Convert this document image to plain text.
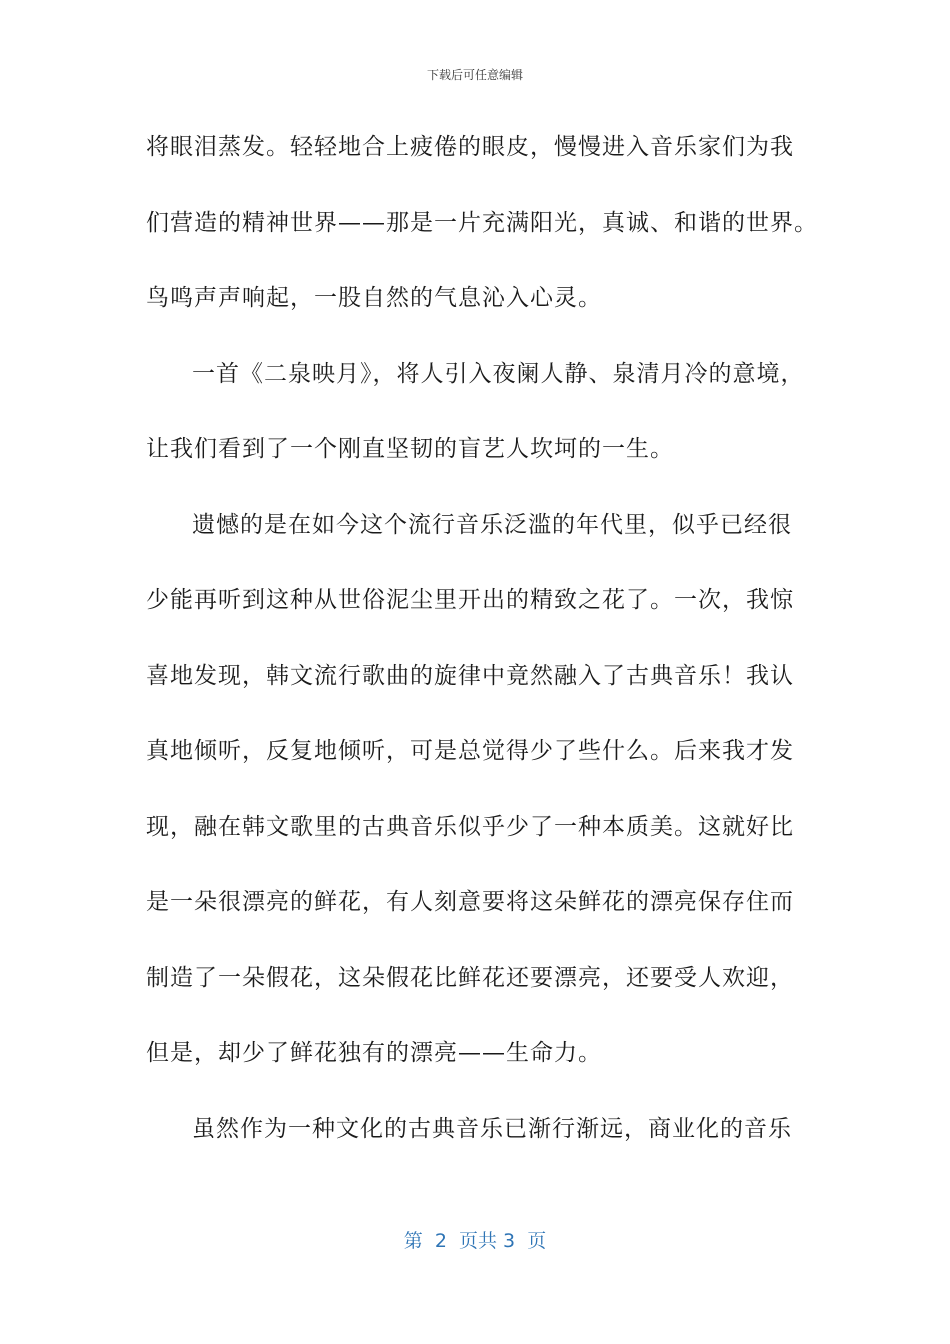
下载后可任意编辑
将眼泪蒸发。轻轻地合上疲倦的眼皮，慢慢进入音乐家们为我
们营造的精神世界——那是一片充满阳光，真诚、和谐的世界。
鸟鸣声声响起，一股自然的气息沁入心灵。
一首《二泉映月》，将人引入夜阑人静、泉清月冷的意境，
让我们看到了一个刚直坚韧的盲艺人坎坷的一生。
遗憾的是在如今这个流行音乐泛滥的年代里，似乎已经很
少能再听到这种从世俗泥尘里开出的精致之花了。一次，我惊
喜地发现，韩文流行歌曲的旋律中竟然融入了古典音乐！我认
真地倾听，反复地倾听，可是总觉得少了些什么。后来我才发
现，融在韩文歌里的古典音乐似乎少了一种本质美。这就好比
是一朵很漂亮的鲜花，有人刻意要将这朵鲜花的漂亮保存住而
制造了一朵假花，这朵假花比鲜花还要漂亮，还要受人欢迎，
但是，却少了鲜花独有的漂亮——生命力。
虽然作为一种文化的古典音乐已渐行渐远，商业化的音乐
第  2  页共 3  页
